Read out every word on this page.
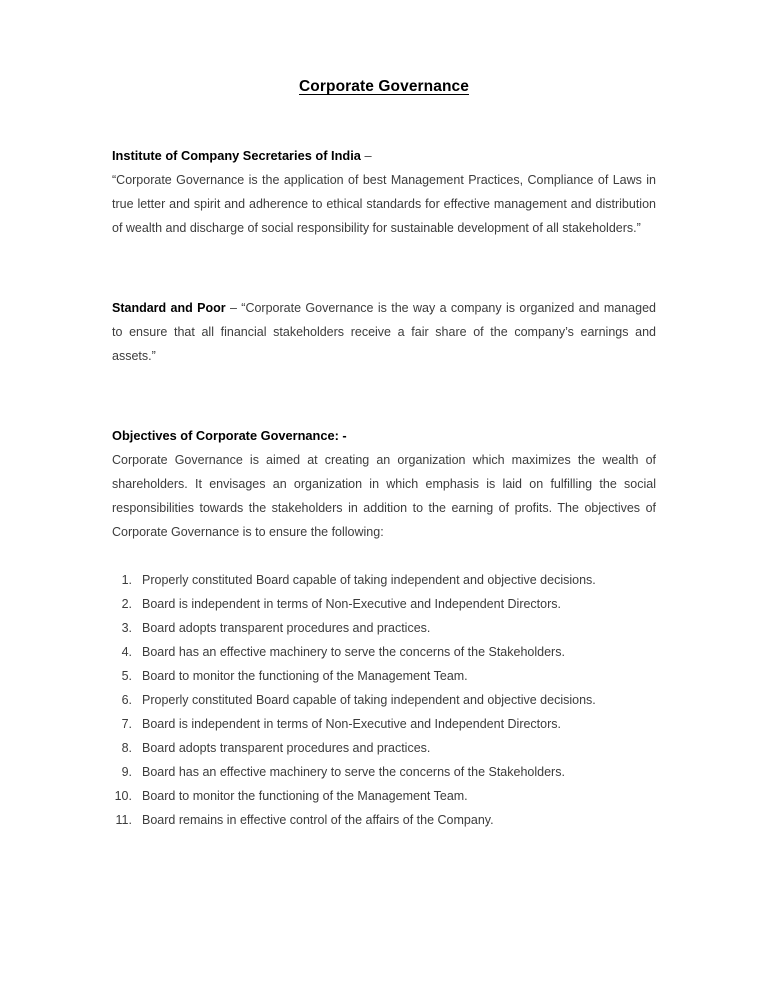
Corporate Governance
Institute of Company Secretaries of India –

“Corporate Governance is the application of best Management Practices, Compliance of Laws in true letter and spirit and adherence to ethical standards for effective management and distribution of wealth and discharge of social responsibility for sustainable development of all stakeholders.”

Standard and Poor – “Corporate Governance is the way a company is organized and managed to ensure that all financial stakeholders receive a fair share of the company’s earnings and assets.”

Objectives of Corporate Governance: -

Corporate Governance is aimed at creating an organization which maximizes the wealth of shareholders. It envisages an organization in which emphasis is laid on fulfilling the social responsibilities towards the stakeholders in addition to the earning of profits. The objectives of Corporate Governance is to ensure the following:

Properly constituted Board capable of taking independent and objective decisions.
Board is independent in terms of Non-Executive and Independent Directors.
Board adopts transparent procedures and practices.
Board has an effective machinery to serve the concerns of the Stakeholders.
Board to monitor the functioning of the Management Team.
Properly constituted Board capable of taking independent and objective decisions.
Board is independent in terms of Non-Executive and Independent Directors.
Board adopts transparent procedures and practices.
Board has an effective machinery to serve the concerns of the Stakeholders.
Board to monitor the functioning of the Management Team.
Board remains in effective control of the affairs of the Company.
